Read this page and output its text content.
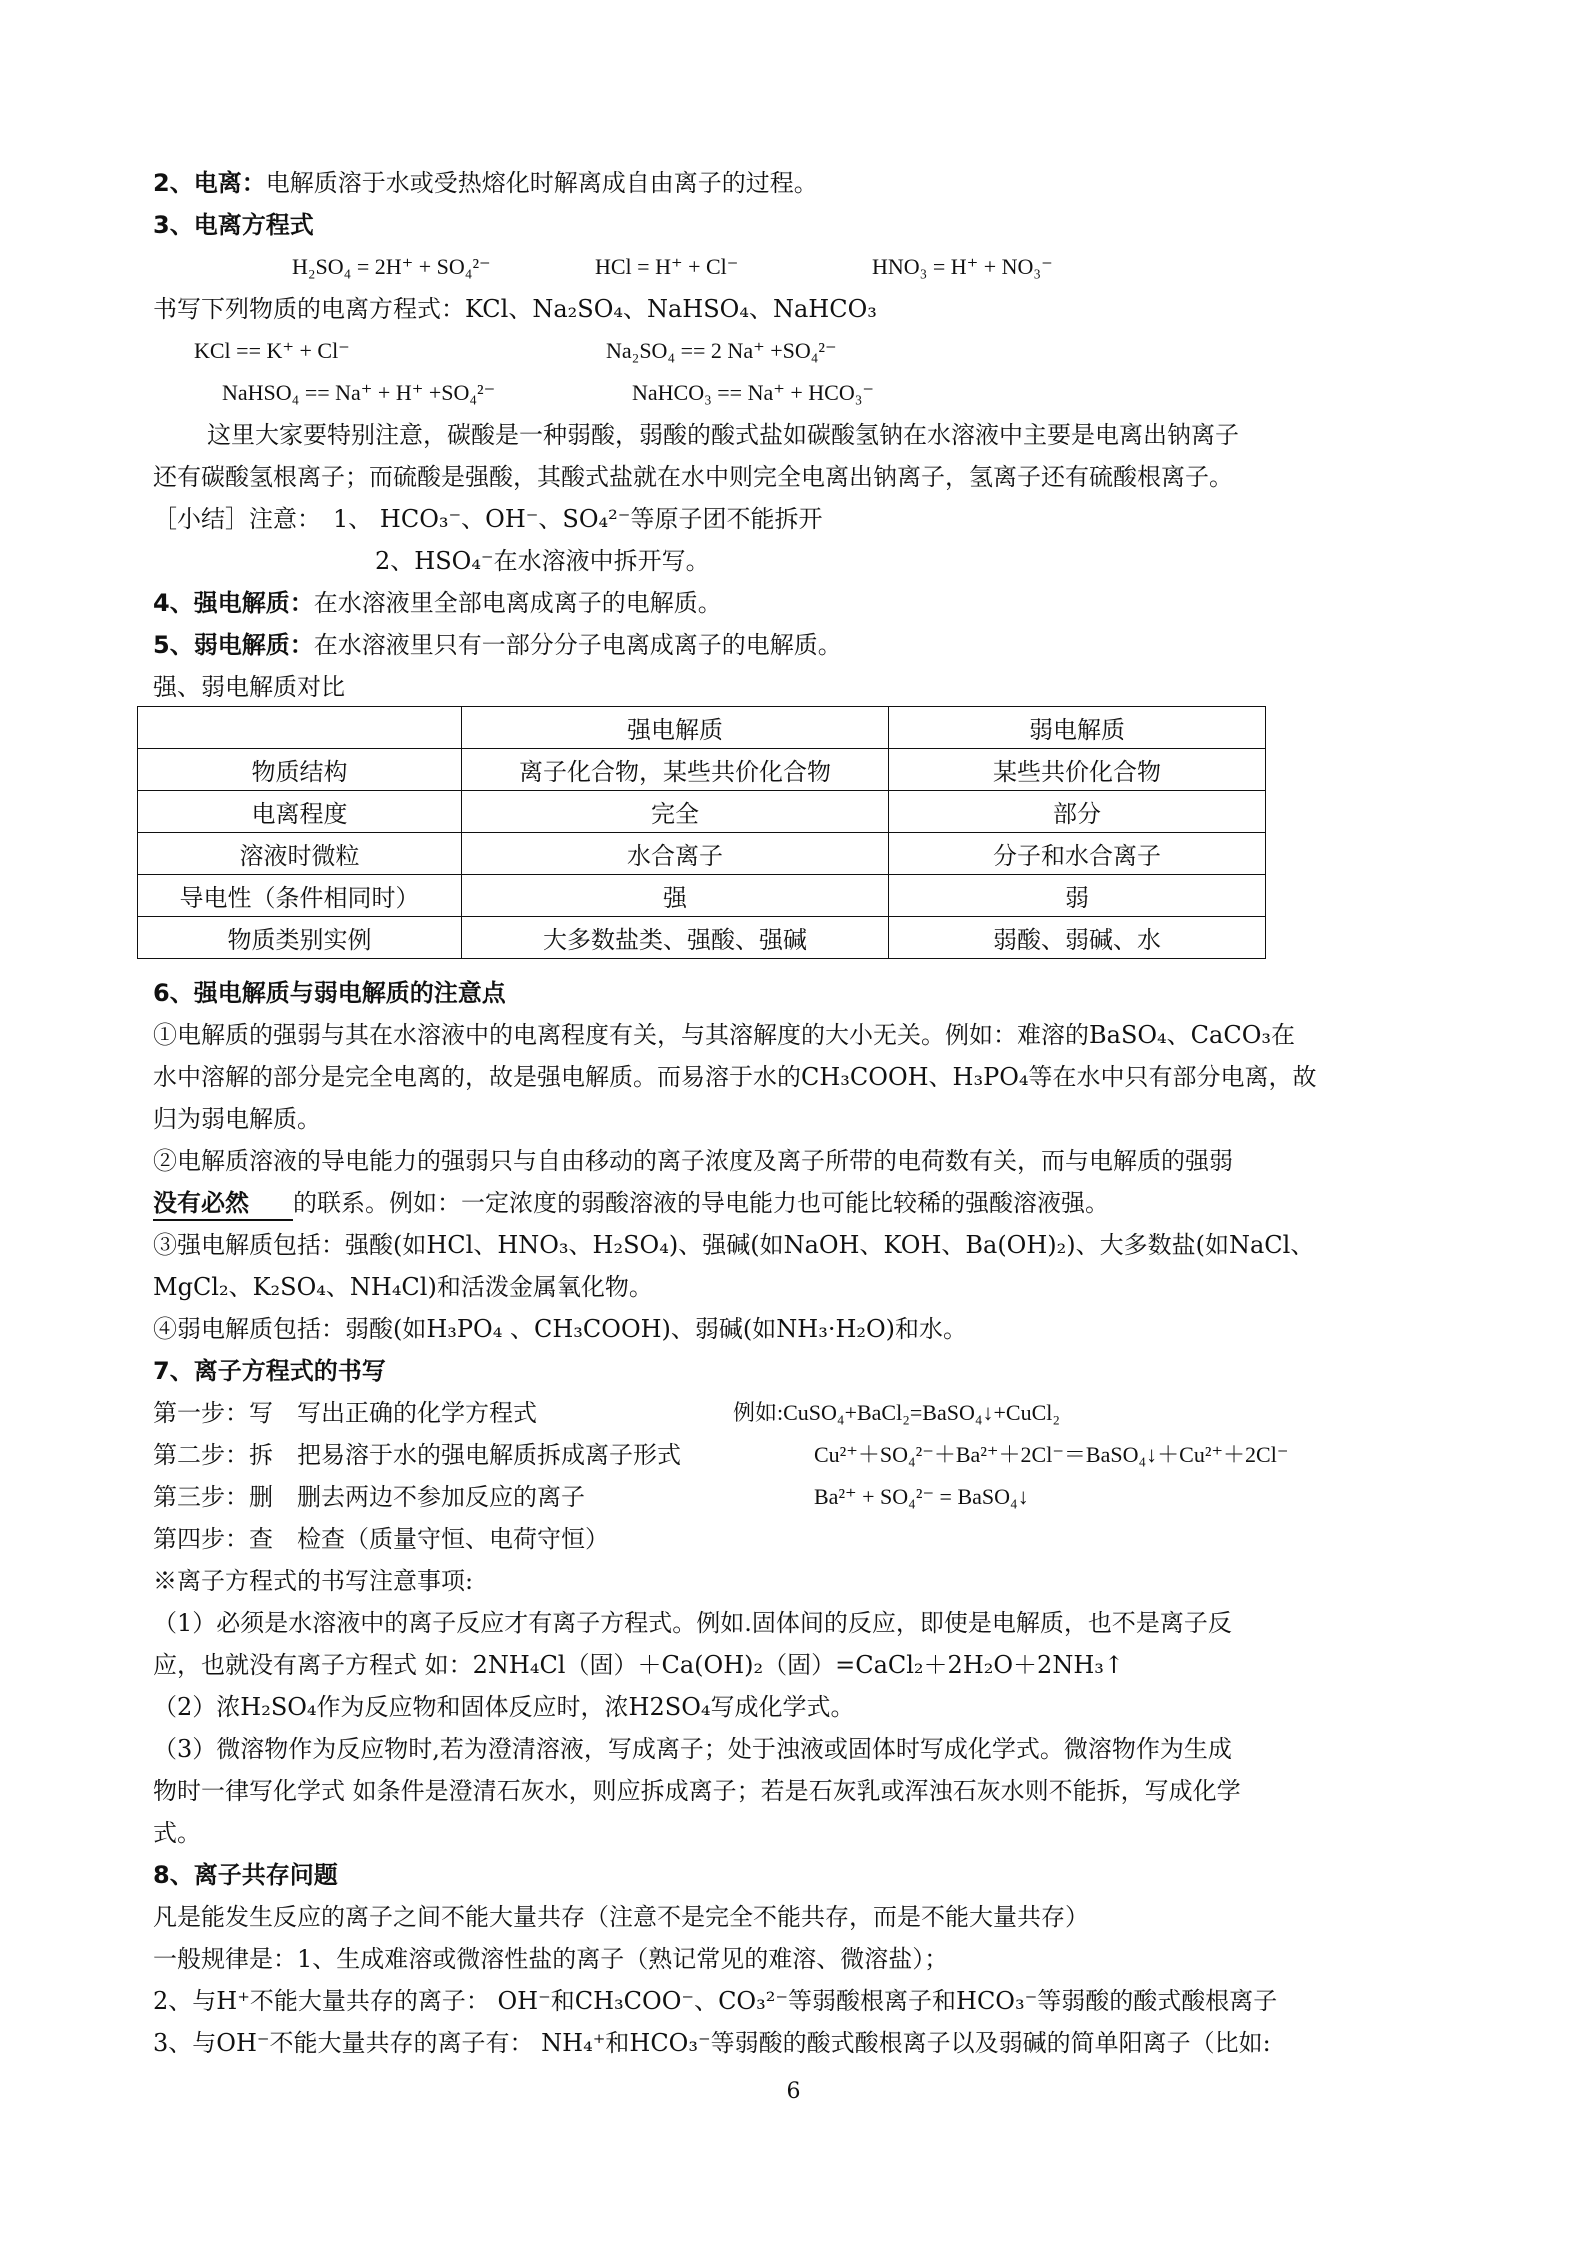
2、电离：电解质溶于水或受热熔化时解离成自由离子的过程。
3、电离方程式
H₂SO₄ = 2H⁺ + SO₄²⁻	HCl = H⁺ + Cl⁻	HNO₃ = H⁺ + NO₃⁻
书写下列物质的电离方程式：KCl、Na₂SO₄、NaHSO₄、NaHCO₃
KCl == K⁺ + Cl⁻	Na₂SO₄ == 2 Na⁺ +SO₄²⁻
NaHSO₄ == Na⁺ + H⁺ +SO₄²⁻	NaHCO₃ == Na⁺ + HCO₃⁻
这里大家要特别注意，碳酸是一种弱酸，弱酸的酸式盐如碳酸氢钠在水溶液中主要是电离出钠离子
还有碳酸氢根离子；而硫酸是强酸，其酸式盐就在水中则完全电离出钠离子，氢离子还有硫酸根离子。
［小结］注意：　1、 HCO₃⁻、OH⁻、SO₄²⁻等原子团不能拆开
2、HSO₄⁻在水溶液中拆开写。
4、强电解质：在水溶液里全部电离成离子的电解质。
5、弱电解质：在水溶液里只有一部分分子电离成离子的电解质。
强、弱电解质对比
	强电解质	弱电解质
物质结构	离子化合物，某些共价化合物	某些共价化合物
电离程度	完全	部分
溶液时微粒	水合离子	分子和水合离子
导电性（条件相同时）	强	弱
物质类别实例	大多数盐类、强酸、强碱	弱酸、弱碱、水
6、强电解质与弱电解质的注意点
①电解质的强弱与其在水溶液中的电离程度有关，与其溶解度的大小无关。例如：难溶的BaSO₄、CaCO₃在
水中溶解的部分是完全电离的，故是强电解质。而易溶于水的CH₃COOH、H₃PO₄等在水中只有部分电离，故
归为弱电解质。
②电解质溶液的导电能力的强弱只与自由移动的离子浓度及离子所带的电荷数有关，而与电解质的强弱
没有必然 的联系。例如：一定浓度的弱酸溶液的导电能力也可能比较稀的强酸溶液强。
③强电解质包括：强酸(如HCl、HNO₃、H₂SO₄)、强碱(如NaOH、KOH、Ba(OH)₂)、大多数盐(如NaCl、
MgCl₂、K₂SO₄、NH₄Cl)和活泼金属氧化物。
④弱电解质包括：弱酸(如H₃PO₄ 、CH₃COOH)、弱碱(如NH₃·H₂O)和水。
7、离子方程式的书写
第一步：写　写出正确的化学方程式	例如:CuSO₄+BaCl₂=BaSO₄↓+CuCl₂
第二步：拆　把易溶于水的强电解质拆成离子形式	Cu²⁺＋SO₄²⁻＋Ba²⁺＋2Cl⁻＝BaSO₄↓＋Cu²⁺＋2Cl⁻
第三步：删　删去两边不参加反应的离子	Ba²⁺ + SO₄²⁻ = BaSO₄↓
第四步：查　检查（质量守恒、电荷守恒）
※离子方程式的书写注意事项:
（1）必须是水溶液中的离子反应才有离子方程式。例如.固体间的反应，即使是电解质，也不是离子反
应，也就没有离子方程式 如：2NH₄Cl（固）＋Ca(OH)₂（固）=CaCl₂＋2H₂O＋2NH₃↑
（2）浓H₂SO₄作为反应物和固体反应时，浓H2SO₄写成化学式。
（3）微溶物作为反应物时,若为澄清溶液，写成离子；处于浊液或固体时写成化学式。微溶物作为生成
物时一律写化学式 如条件是澄清石灰水，则应拆成离子；若是石灰乳或浑浊石灰水则不能拆，写成化学
式。
8、离子共存问题
凡是能发生反应的离子之间不能大量共存（注意不是完全不能共存，而是不能大量共存）
一般规律是：1、生成难溶或微溶性盐的离子（熟记常见的难溶、微溶盐）；
2、与H⁺不能大量共存的离子： OH⁻和CH₃COO⁻、CO₃²⁻等弱酸根离子和HCO₃⁻等弱酸的酸式酸根离子
3、与OH⁻不能大量共存的离子有： NH₄⁺和HCO₃⁻等弱酸的酸式酸根离子以及弱碱的简单阳离子（比如:
6
